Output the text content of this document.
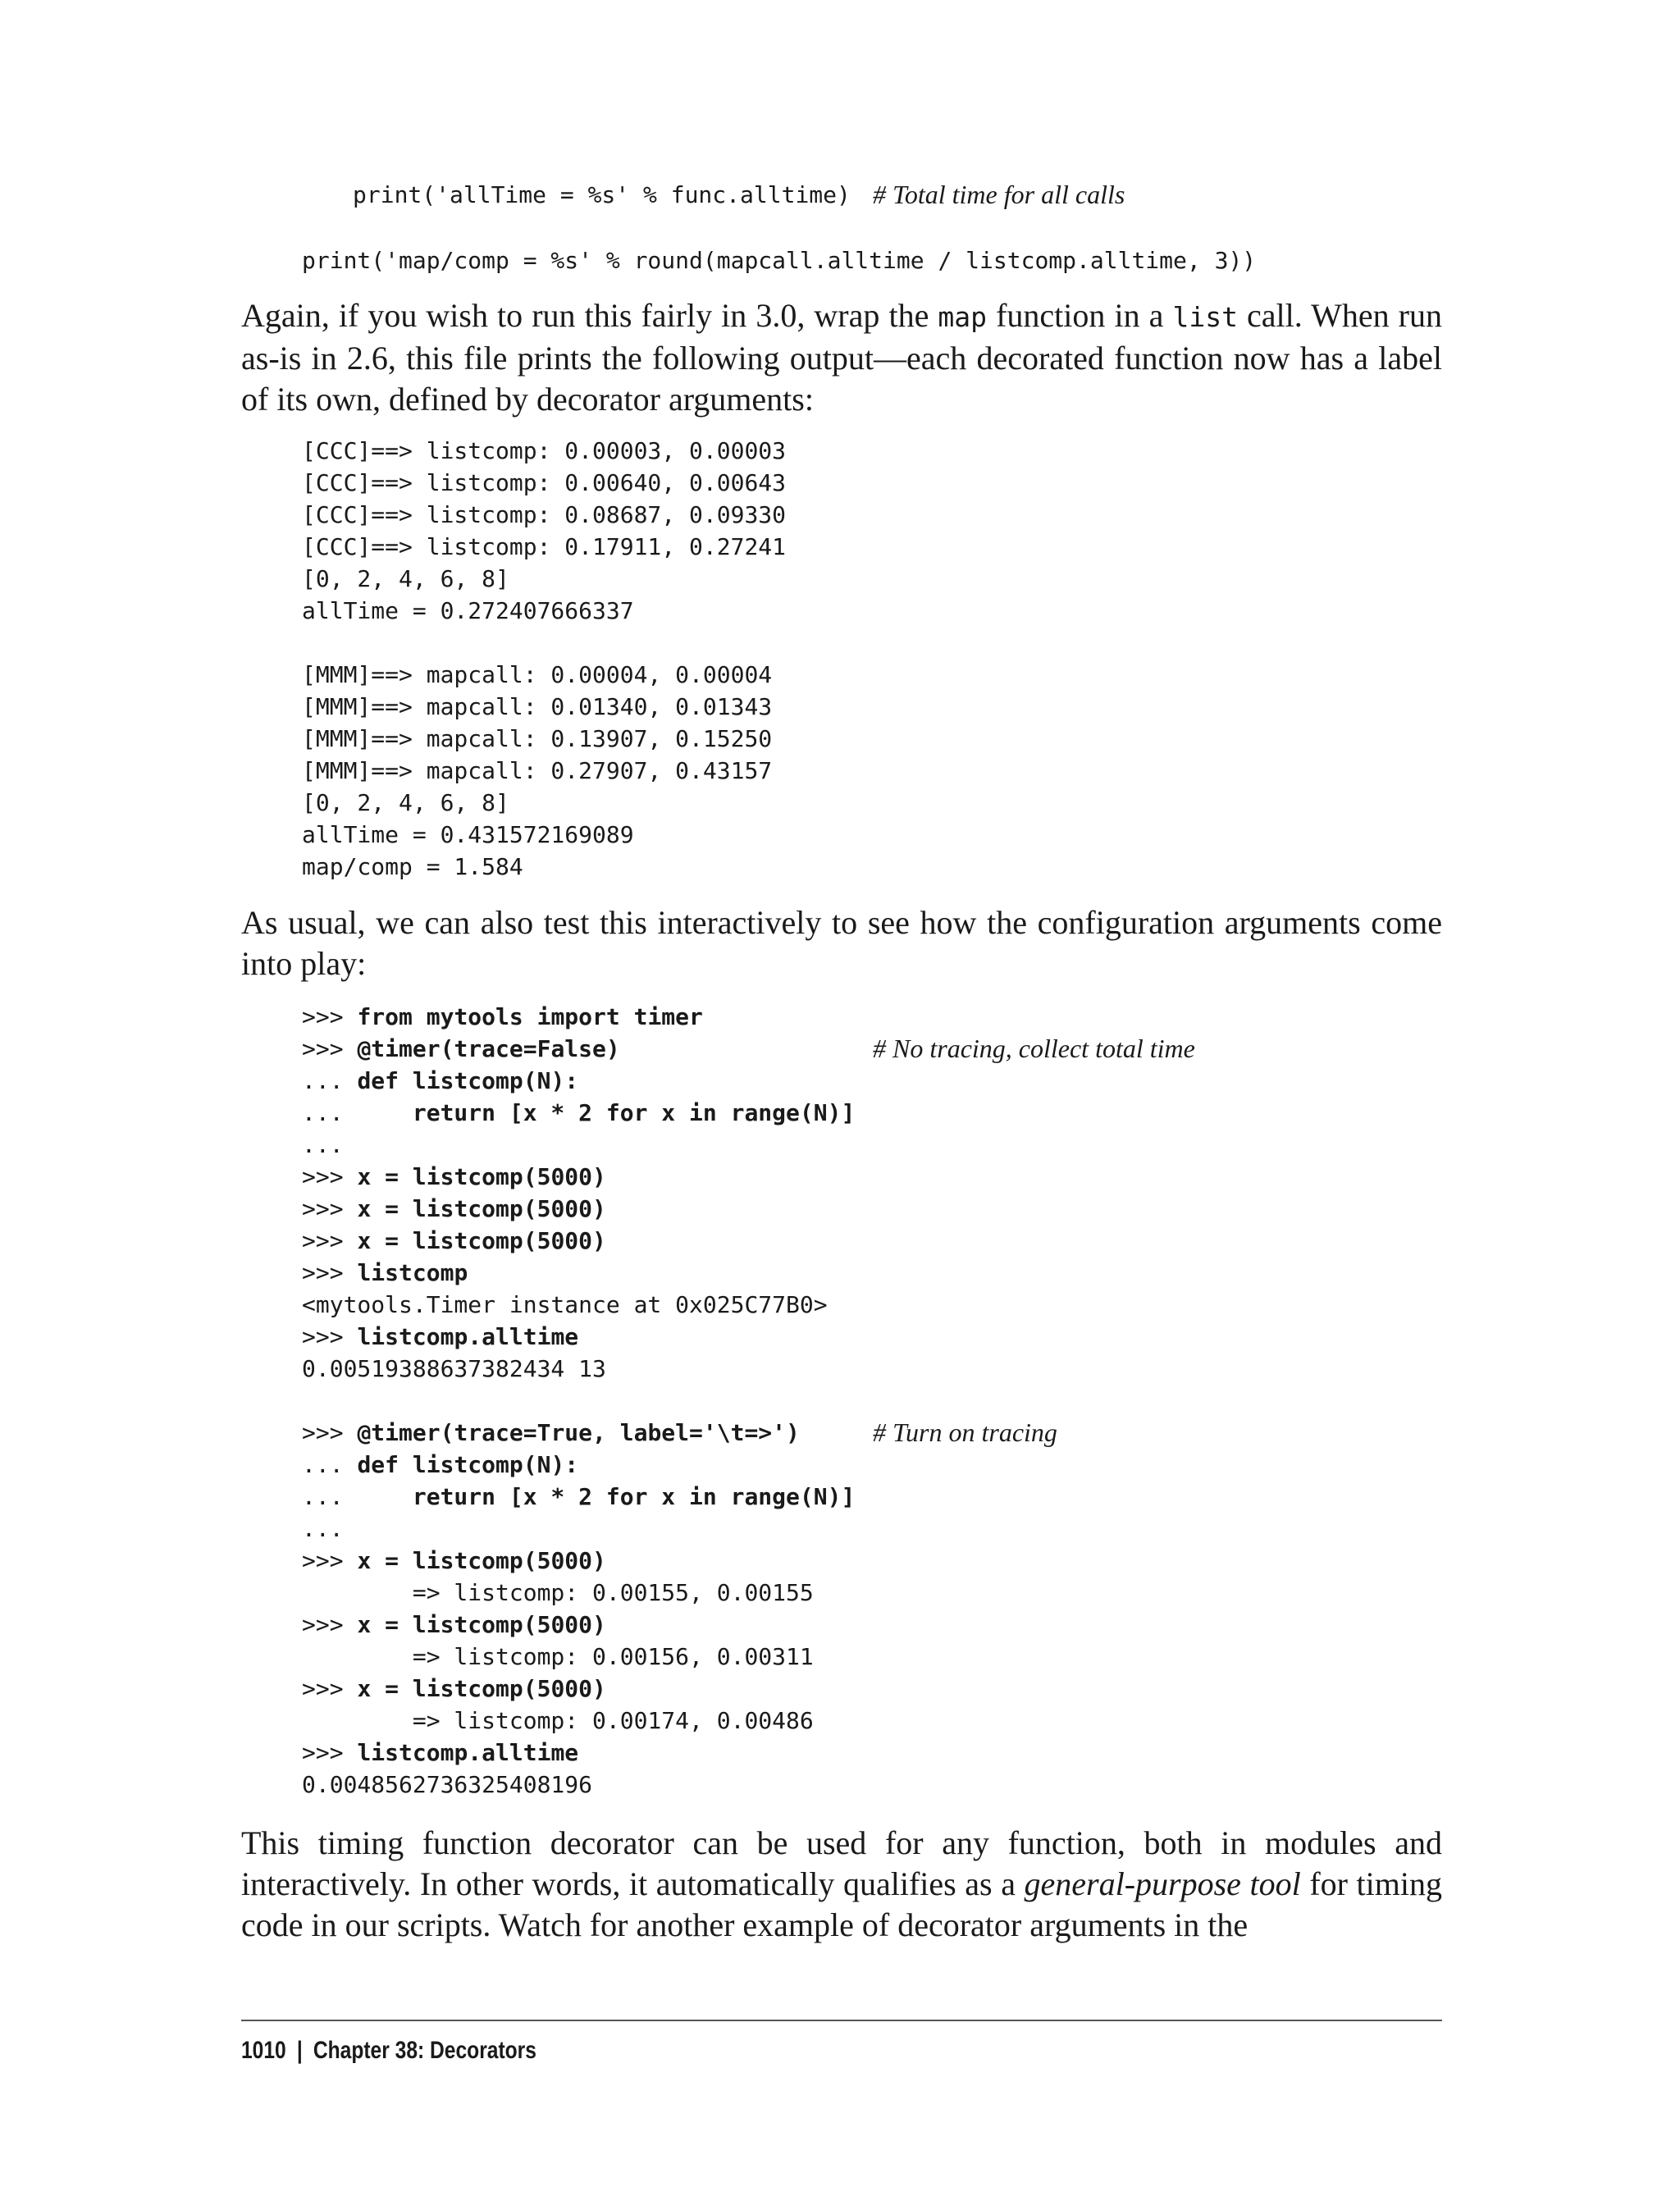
print('allTime = %s' % func.alltime) # Total time for all calls
print('map/comp = %s' % round(mapcall.alltime / listcomp.alltime, 3))

Again, if you wish to run this fairly in 3.0, wrap the map function in a list call. When run as-is in 2.6, this file prints the following output—each decorated function now has a label of its own, defined by decorator arguments:

[CCC]==> listcomp: 0.00003, 0.00003
[CCC]==> listcomp: 0.00640, 0.00643
[CCC]==> listcomp: 0.08687, 0.09330
[CCC]==> listcomp: 0.17911, 0.27241
[0, 2, 4, 6, 8]
allTime = 0.272407666337

[MMM]==> mapcall: 0.00004, 0.00004
[MMM]==> mapcall: 0.01340, 0.01343
[MMM]==> mapcall: 0.13907, 0.15250
[MMM]==> mapcall: 0.27907, 0.43157
[0, 2, 4, 6, 8]
allTime = 0.431572169089
map/comp = 1.584

As usual, we can also test this interactively to see how the configuration arguments come into play:

>>> from mytools import timer
>>> @timer(trace=False)
... def listcomp(N):
...     return [x * 2 for x in range(N)]
...
>>> x = listcomp(5000)
>>> x = listcomp(5000)
>>> x = listcomp(5000)
>>> listcomp
<mytools.Timer instance at 0x025C77B0>
>>> listcomp.alltime
0.00519388637382434 13
# No tracing, collect total time
>>> @timer(trace=True, label='\t=>')
... def listcomp(N):
...     return [x * 2 for x in range(N)]
...
>>> x = listcomp(5000)
=> listcomp: 0.00155, 0.00155
>>> x = listcomp(5000)
=> listcomp: 0.00156, 0.00311
>>> x = listcomp(5000)
=> listcomp: 0.00174, 0.00486
>>> listcomp.alltime
0.0048562736325408196
# Turn on tracing

This timing function decorator can be used for any function, both in modules and interactively. In other words, it automatically qualifies as a general-purpose tool for timing code in our scripts. Watch for another example of decorator arguments in the

1010 | Chapter 38: Decorators
